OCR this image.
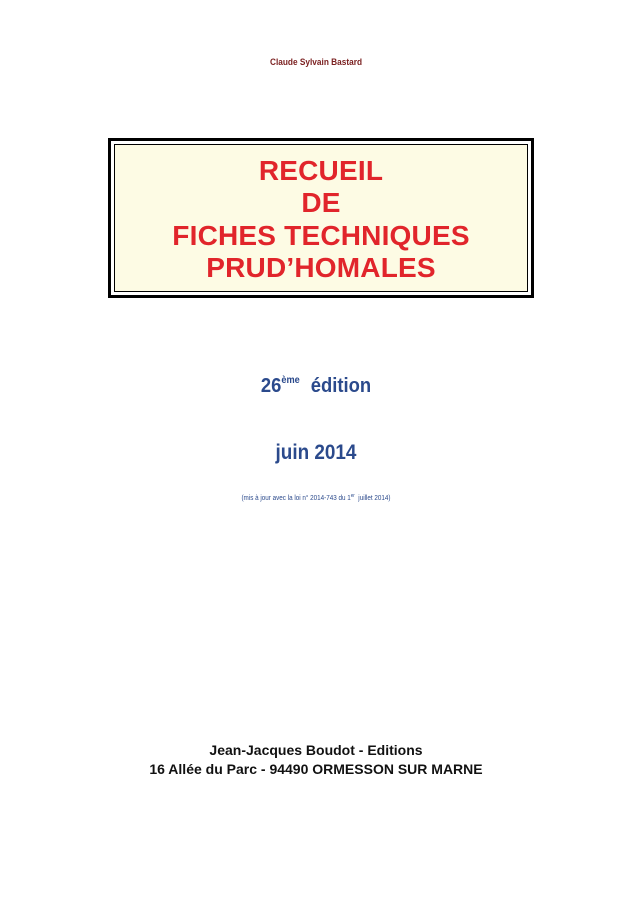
Claude Sylvain Bastard
RECUEIL
DE
FICHES TECHNIQUES
PRUD’HOMALES
26ème édition
juin 2014
(mis à jour avec la loi n° 2014-743 du 1er  juillet 2014)
Jean-Jacques Boudot - Editions
16 Allée du Parc - 94490 ORMESSON SUR MARNE
